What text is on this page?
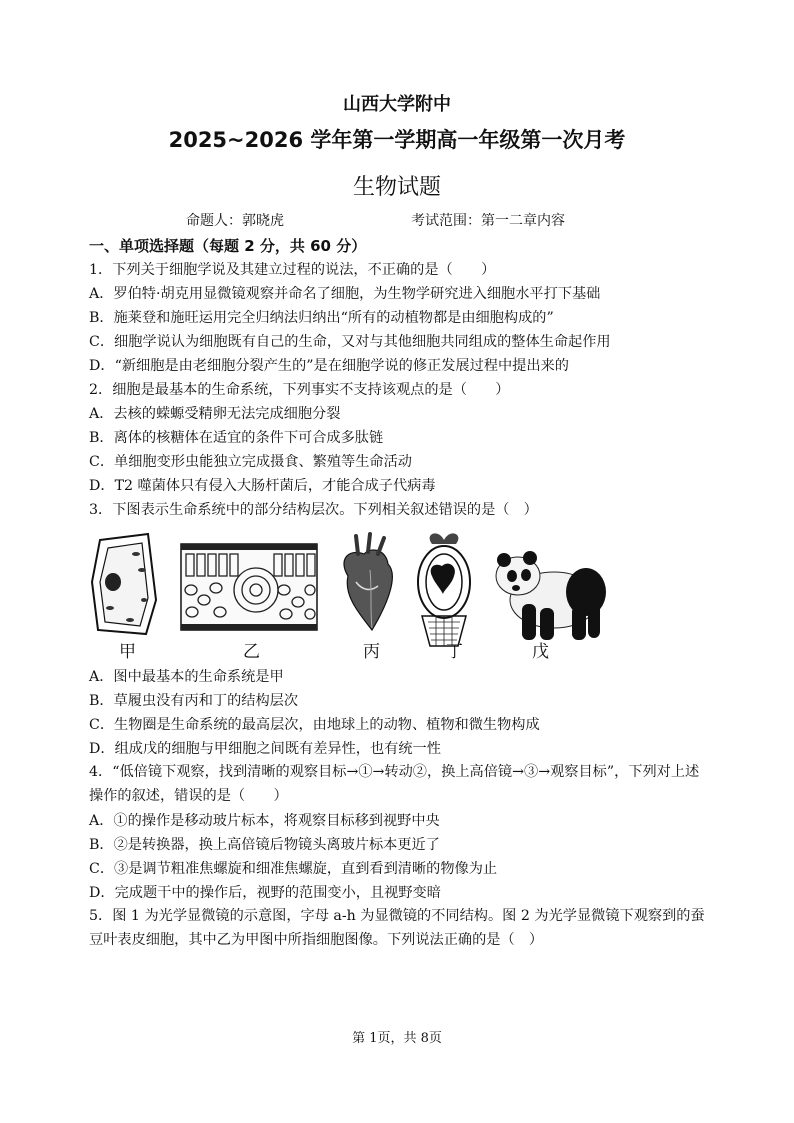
山西大学附中
2025~2026 学年第一学期高一年级第一次月考
生物试题
命题人：郭晓虎	考试范围：第一二章内容
一、单项选择题（每题 2 分，共 60 分）
1．下列关于细胞学说及其建立过程的说法，不正确的是（　　）
A．罗伯特·胡克用显微镜观察并命名了细胞，为生物学研究进入细胞水平打下基础
B．施莱登和施旺运用完全归纳法归纳出“所有的动植物都是由细胞构成的”
C．细胞学说认为细胞既有自己的生命，又对与其他细胞共同组成的整体生命起作用
D．“新细胞是由老细胞分裂产生的”是在细胞学说的修正发展过程中提出来的
2．细胞是最基本的生命系统，下列事实不支持该观点的是（　　）
A．去核的蝾螈受精卵无法完成细胞分裂
B．离体的核糖体在适宜的条件下可合成多肽链
C．单细胞变形虫能独立完成摄食、繁殖等生命活动
D．T2 噬菌体只有侵入大肠杆菌后，才能合成子代病毒
3．下图表示生命系统中的部分结构层次。下列相关叙述错误的是（　）
甲	乙	丙	丁	戊
A．图中最基本的生命系统是甲
B．草履虫没有丙和丁的结构层次
C．生物圈是生命系统的最高层次，由地球上的动物、植物和微生物构成
D．组成戊的细胞与甲细胞之间既有差异性，也有统一性
4．“低倍镜下观察，找到清晰的观察目标→①→转动②，换上高倍镜→③→观察目标”，下列对上述操作的叙述，错误的是（　　）
A．①的操作是移动玻片标本，将观察目标移到视野中央
B．②是转换器，换上高倍镜后物镜头离玻片标本更近了
C．③是调节粗准焦螺旋和细准焦螺旋，直到看到清晰的物像为止
D．完成题干中的操作后，视野的范围变小，且视野变暗
5．图 1 为光学显微镜的示意图，字母 a-h 为显微镜的不同结构。图 2 为光学显微镜下观察到的蚕豆叶表皮细胞，其中乙为甲图中所指细胞图像。下列说法正确的是（　）
第 1页，共 8页
